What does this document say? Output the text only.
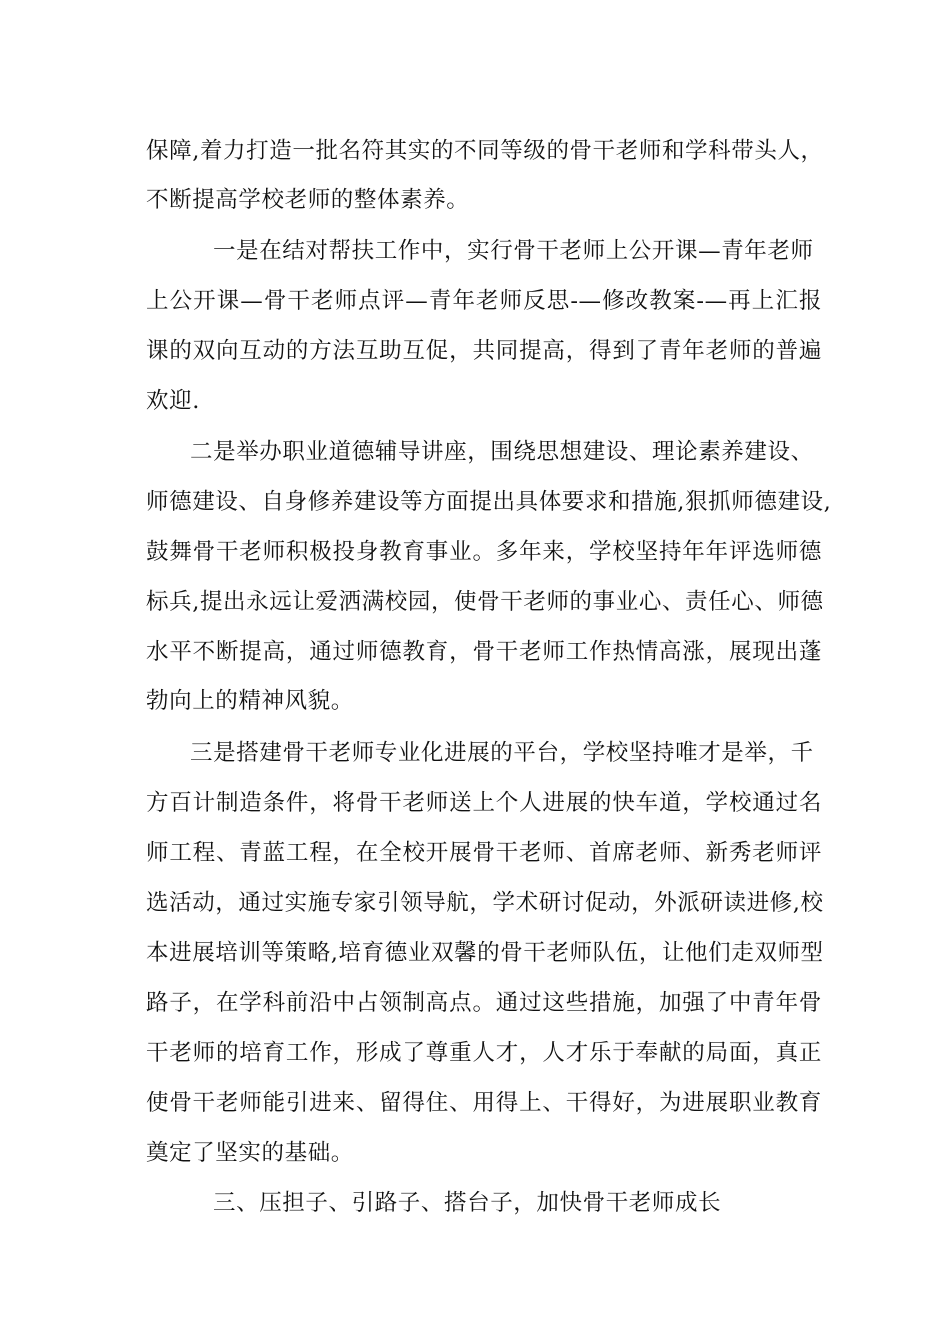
保障,着力打造一批名符其实的不同等级的骨干老师和学科带头人，

不断提高学校老师的整体素养。

一是在结对帮扶工作中，实行骨干老师上公开课—青年老师

上公开课—骨干老师点评—青年老师反思-—修改教案-—再上汇报

课的双向互动的方法互助互促，共同提高，得到了青年老师的普遍

欢迎.

二是举办职业道德辅导讲座，围绕思想建设、理论素养建设、

师德建设、自身修养建设等方面提出具体要求和措施,狠抓师德建设,

鼓舞骨干老师积极投身教育事业。多年来，学校坚持年年评选师德

标兵,提出永远让爱洒满校园，使骨干老师的事业心、责任心、师德

水平不断提高，通过师德教育，骨干老师工作热情高涨，展现出蓬

勃向上的精神风貌。

三是搭建骨干老师专业化进展的平台，学校坚持唯才是举，千

方百计制造条件，将骨干老师送上个人进展的快车道，学校通过名

师工程、青蓝工程，在全校开展骨干老师、首席老师、新秀老师评

选活动，通过实施专家引领导航，学术研讨促动，外派研读进修,校

本进展培训等策略,培育德业双馨的骨干老师队伍，让他们走双师型

路子，在学科前沿中占领制高点。通过这些措施，加强了中青年骨

干老师的培育工作，形成了尊重人才，人才乐于奉献的局面，真正

使骨干老师能引进来、留得住、用得上、干得好，为进展职业教育

奠定了坚实的基础。

三、压担子、引路子、搭台子，加快骨干老师成长
